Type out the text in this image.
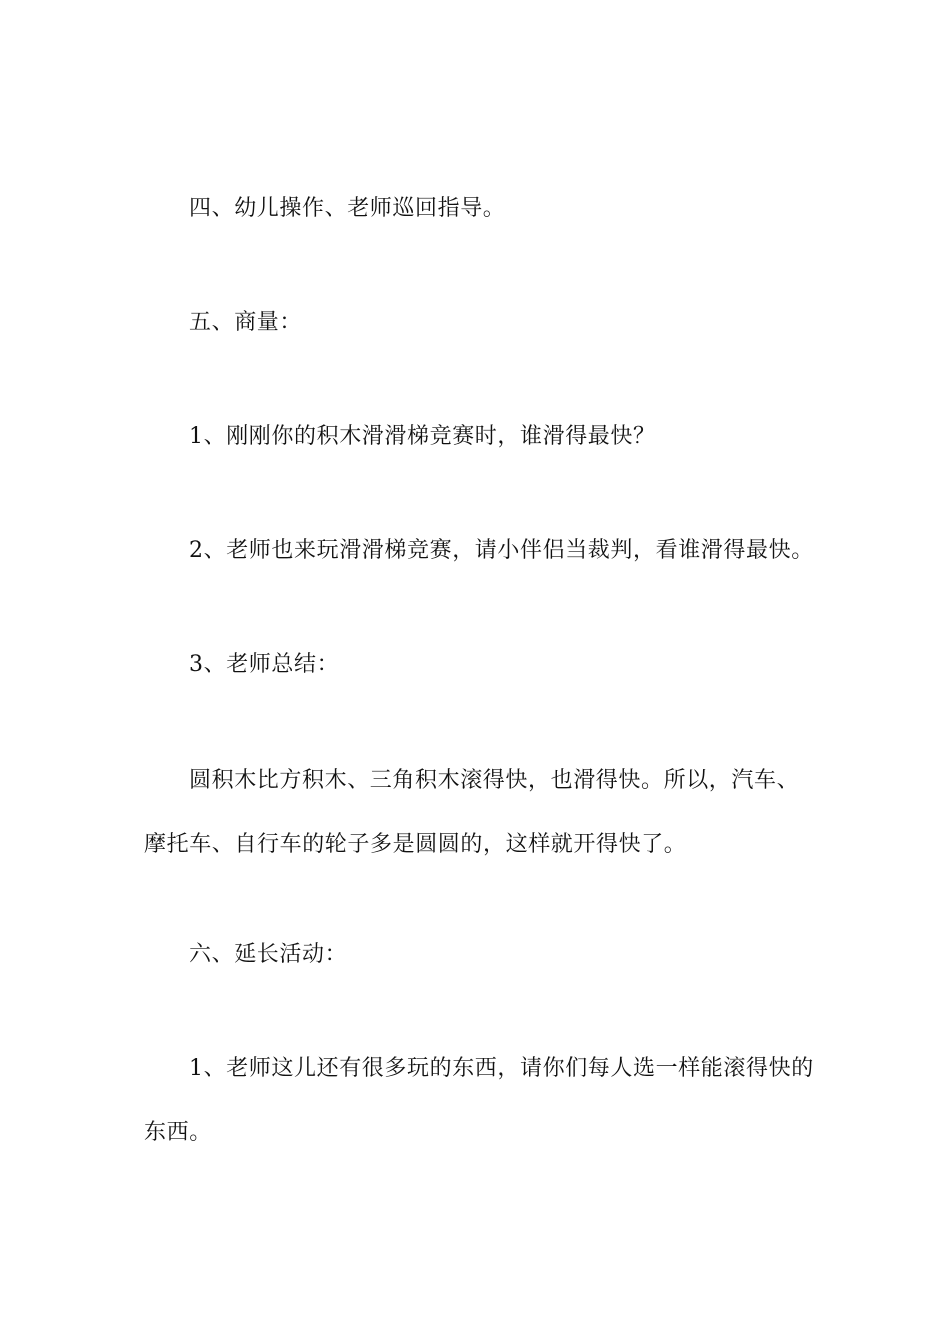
四、幼儿操作、老师巡回指导。

五、商量：

1、刚刚你的积木滑滑梯竞赛时，谁滑得最快？

2、老师也来玩滑滑梯竞赛，请小伴侣当裁判，看谁滑得最快。

3、老师总结：

圆积木比方积木、三角积木滚得快，也滑得快。所以，汽车、摩托车、自行车的轮子多是圆圆的，这样就开得快了。

六、延长活动：

1、老师这儿还有很多玩的东西，请你们每人选一样能滚得快的东西。
